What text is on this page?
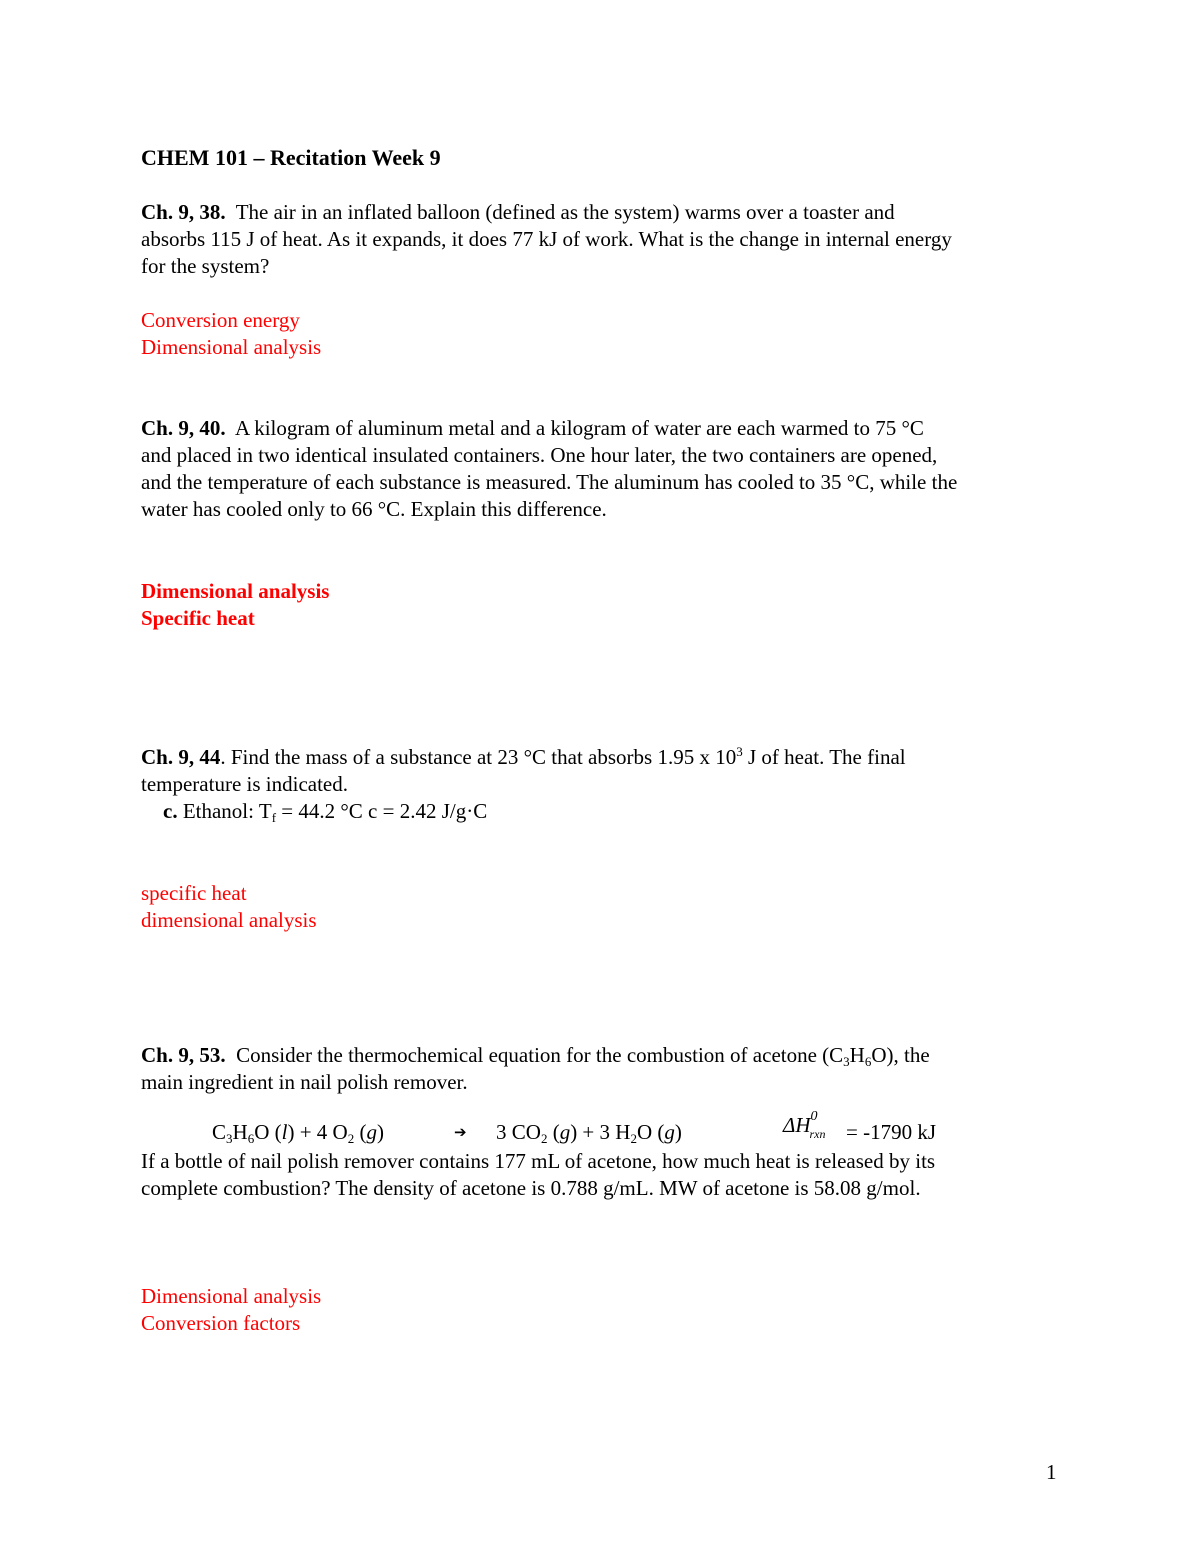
CHEM 101 – Recitation Week 9
Ch. 9, 38. The air in an inflated balloon (defined as the system) warms over a toaster and
absorbs 115 J of heat. As it expands, it does 77 kJ of work. What is the change in internal energy
for the system?
Conversion energy
Dimensional analysis
Ch. 9, 40. A kilogram of aluminum metal and a kilogram of water are each warmed to 75 °C
and placed in two identical insulated containers. One hour later, the two containers are opened,
and the temperature of each substance is measured. The aluminum has cooled to 35 °C, while the
water has cooled only to 66 °C. Explain this difference.
Dimensional analysis
Specific heat
Ch. 9, 44. Find the mass of a substance at 23 °C that absorbs 1.95 x $10^3$ J of heat. The final
temperature is indicated.
c. Ethanol: $T_f = 44.2$ °C c = 2.42 J/g·C
specific heat
dimensional analysis
Ch. 9, 53. Consider the thermochemical equation for the combustion of acetone $(C_3H_6O)$, the
main ingredient in nail polish remover.
$C_3H_6O$ (l) + 4 $O_2$ (g)	➔ 3 $CO_2$ (g) + 3 $H_2O$ (g)	$\Delta H^0_{rxn} = -1790$ kJ
If a bottle of nail polish remover contains 177 mL of acetone, how much heat is released by its
complete combustion? The density of acetone is 0.788 g/mL. MW of acetone is 58.08 g/mol.
Dimensional analysis
Conversion factors
1
